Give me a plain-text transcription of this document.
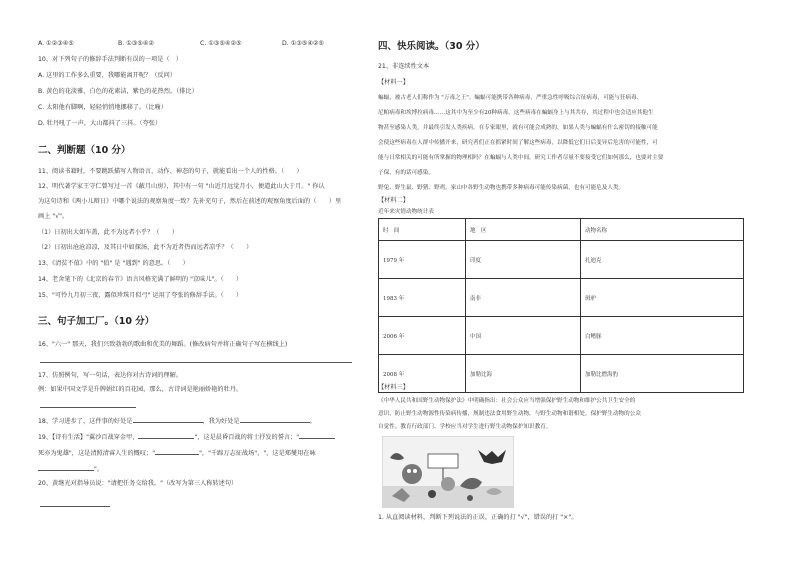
A. ①②③④⑤	B. ①③⑤④②	C. ①③⑤④②⑤	D. ①③⑤④②⑤
10、对下列句子的修辞手法判断有误的一项是（　）
A. 这里的工作多么重要，我哪能离开呢？（反问）
B. 黄色的花淡雅，白色的花素洁，紫色的花热烈。（排比）
C. 太阳他有脚啊，轻轻悄悄地挪移了。（比喻）
D. 牡丹吼了一声，大山都抖了三抖。（夸张）
二、判断题（10 分）
11、阅读书籍时，不要跳跃描写人物语言、动作、神态的句子，就能看出一个人的性格。（　　）
12、明代著学家王守仁曾写过一首《蔽月山房》，其中有一句 "山近月远觉月小，便道此山大于月。" 你认
为这句诗和《两小儿辩日》中哪个说法的观察角度一致？先补充句子，然后在前述的观察角度后面的（　　）里
画上 "√"。
（1）日初出大如车盖，此不为远者小乎？（　　）
（2）日初出沧沧凉凉，及其日中如探汤，此不为近者热而远者凉乎？（　　）
13、《清贫不值》中的 "值" 是 "遇到" 的意思。（　　）
14、老舍笔下的《北京的春节》语言风格充满了鲜明的 "京味儿"。（　　）
15、"可怜九月初三夜，露似珍珠月似弓" 运用了夸张的修辞手法。（　　）
三、句子加工厂。（10 分）
16、"六一" 那天，我们兴致勃勃的歌曲和优美的舞蹈。(修改病句并将正确句子写在横线上)
17、仿照例句，写一句话，表达你对古诗词的理解。
例：如果中国文学是升牌娟红的百花园，那么，古诗词是艳丽娇艳的牡丹。
18、学习进步了，这件事的好处是	，我为好处是	。
19、【诗有生活】"翼沙百战穿金甲，	"，这是晨昏百战的将士抒发的誓言；"
死亦为鬼雄"，这是清照清睿人生的慨叹；"	"，"千蹄万志征战场"，"，这是郑燮用在咏
"。
20、黄继光对指导员说："请把任务交给我。"（改写为第三人称转述句）
四、快乐阅读。（30 分）
21、非连续性文本
【材料一】
蝙蝠，被古老人们称作为 "万毒之王"。蝙蝠可能携带各种病毒，严重急性呼吸综合征病毒，可能与狂病毒、
尼帕病毒和埃博拉病毒……这其中为至少有20种病毒，这些病毒在蝙蝠身上与其共存，其过程中也会适应其他生
物甚至感染人类，并最终引发人类疾病。在专家眼里，就有可能会成熟的，如果人类与蝙蝠有什么密切的接触可能
会使这些病毒在人群中传播开来，研究者们正在抓紧时间了解这些病毒，以降低它们日后变异后危害的可能性，可
能与日常相关的可能有所掌握的物理相吗？在蝙蝠与人类中间，研究工作者尽量不要接受它们如何那么，也要对主要
子保，有的话可感染。
野兔、野生鼠、野猪、野鸡，家山中各野生动物也携带多种病毒可能传染病菌，也有可能危及人类。
【材料二】
近年来灾情动物统计表
时　间	地　区	动物名称
1979 年	印度	扎迪克
1983 年	南非	斑驴
2006 年	中国	白鳍豚
2008 年	加勒比海	加勒比僧海豹
【材料三】
《中华人民共和国野生动物保护法》中明确指出：社会公众应当增强保护野生动物和维护公共卫生安全的
意识，防止野生动物源性传染病传播，规制违法食用野生动物，与野生动物和谐相处，保护野生动物的公众
自觉性。教育行政部门、学校应当对学生进行野生动物保护知识教育。
1. 从直阅读材料，判断下列说法的正误，正确的打 "√"，错误的打 "×"。
